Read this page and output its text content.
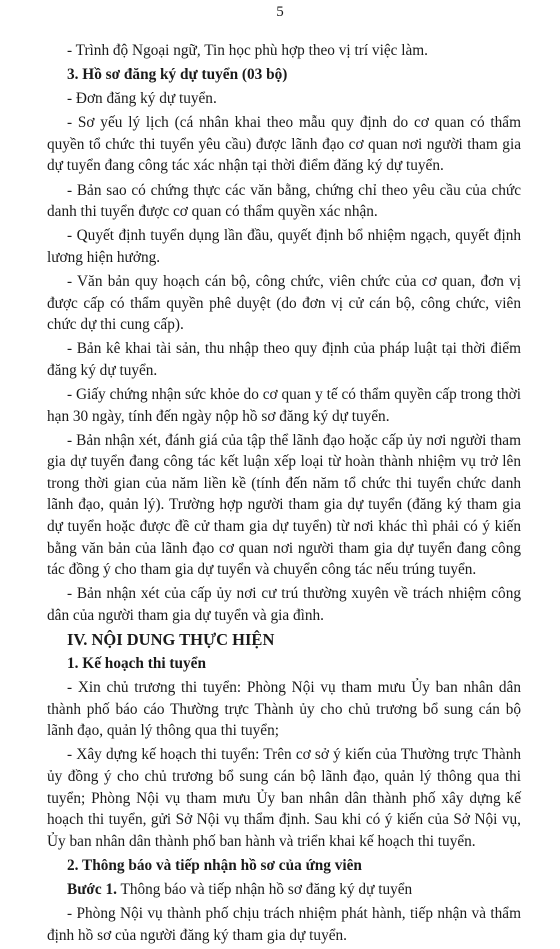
5

- Trình độ Ngoại ngữ, Tin học phù hợp theo vị trí việc làm.

3. Hồ sơ đăng ký dự tuyển (03 bộ)

- Đơn đăng ký dự tuyển.

- Sơ yếu lý lịch (cá nhân khai theo mẫu quy định do cơ quan có thẩm quyền tổ chức thi tuyển yêu cầu) được lãnh đạo cơ quan nơi người tham gia dự tuyển đang công tác xác nhận tại thời điểm đăng ký dự tuyển.

- Bản sao có chứng thực các văn bằng, chứng chỉ theo yêu cầu của chức danh thi tuyển được cơ quan có thẩm quyền xác nhận.

- Quyết định tuyển dụng lần đầu, quyết định bổ nhiệm ngạch, quyết định lương hiện hưởng.

- Văn bản quy hoạch cán bộ, công chức, viên chức của cơ quan, đơn vị được cấp có thẩm quyền phê duyệt (do đơn vị cử cán bộ, công chức, viên chức dự thi cung cấp).

- Bản kê khai tài sản, thu nhập theo quy định của pháp luật tại thời điểm đăng ký dự tuyển.

- Giấy chứng nhận sức khỏe do cơ quan y tế có thẩm quyền cấp trong thời hạn 30 ngày, tính đến ngày nộp hồ sơ đăng ký dự tuyển.

- Bản nhận xét, đánh giá của tập thể lãnh đạo hoặc cấp ủy nơi người tham gia dự tuyển đang công tác kết luận xếp loại từ hoàn thành nhiệm vụ trở lên trong thời gian của năm liền kề (tính đến năm tổ chức thi tuyển chức danh lãnh đạo, quản lý). Trường hợp người tham gia dự tuyển (đăng ký tham gia dự tuyển hoặc được đề cử tham gia dự tuyển) từ nơi khác thì phải có ý kiến bằng văn bản của lãnh đạo cơ quan nơi người tham gia dự tuyển đang công tác đồng ý cho tham gia dự tuyển và chuyển công tác nếu trúng tuyển.

- Bản nhận xét của cấp ủy nơi cư trú thường xuyên về trách nhiệm công dân của người tham gia dự tuyển và gia đình.

IV. NỘI DUNG THỰC HIỆN

1. Kế hoạch thi tuyển

- Xin chủ trương thi tuyển: Phòng Nội vụ tham mưu Ủy ban nhân dân thành phố báo cáo Thường trực Thành ủy cho chủ trương bổ sung cán bộ lãnh đạo, quản lý thông qua thi tuyển;

- Xây dựng kế hoạch thi tuyển: Trên cơ sở ý kiến của Thường trực Thành ủy đồng ý cho chủ trương bổ sung cán bộ lãnh đạo, quản lý thông qua thi tuyển; Phòng Nội vụ tham mưu Ủy ban nhân dân thành phố xây dựng kế hoạch thi tuyển, gửi Sở Nội vụ thẩm định. Sau khi có ý kiến của Sở Nội vụ, Ủy ban nhân dân thành phố ban hành và triển khai kế hoạch thi tuyển.

2. Thông báo và tiếp nhận hồ sơ của ứng viên

Bước 1. Thông báo và tiếp nhận hồ sơ đăng ký dự tuyển

- Phòng Nội vụ thành phố chịu trách nhiệm phát hành, tiếp nhận và thẩm định hồ sơ của người đăng ký tham gia dự tuyển.
